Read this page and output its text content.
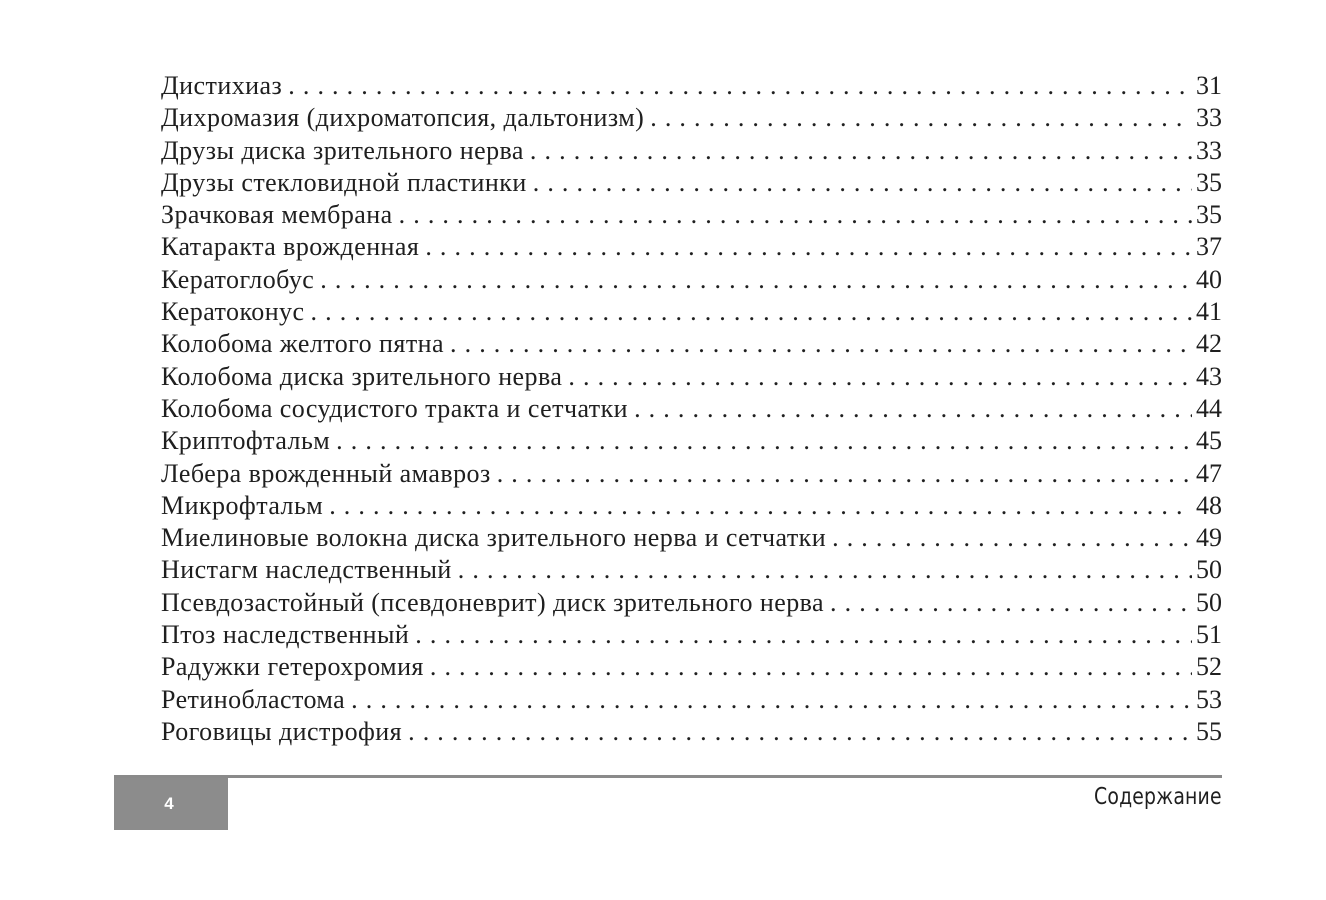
Дистихиаз . . .	31
Дихромазия (дихроматопсия, дальтонизм) . . .	33
Друзы диска зрительного нерва . . .	33
Друзы стекловидной пластинки . . .	35
Зрачковая мембрана . . .	35
Катаракта врожденная . . .	37
Кератоглобус . . .	40
Кератоконус . . .	41
Колобома желтого пятна . . .	42
Колобома диска зрительного нерва . . .	43
Колобома сосудистого тракта и сетчатки . . .	44
Криптофтальм . . .	45
Лебера врожденный амавроз . . .	47
Микрофтальм . . .	48
Миелиновые волокна диска зрительного нерва и сетчатки . . .	49
Нистагм наследственный . . .	50
Псевдозастойный (псевдоневрит) диск зрительного нерва . . .	50
Птоз наследственный . . .	51
Радужки гетерохромия . . .	52
Ретинобластома . . .	53
Роговицы дистрофия . . .	55
4	Содержание
